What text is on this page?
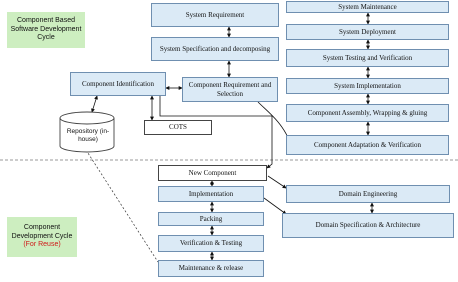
Component Based Software Development Cycle
Component Development Cycle
(For Reuse)
System Requirement
System Specification and decomposing
Component Identification	Component Requirement and Selection
Repository (in-house)
COTS
System Maintenance
System Deployment
System Testing and Verification
System Implementation
Component Assembly, Wrapping & gluing
Component Adaptation & Verification
New Component
Implementation
Packing
Verification & Testing
Maintenance & release
Domain Engineering
Domain Specification & Architecture
